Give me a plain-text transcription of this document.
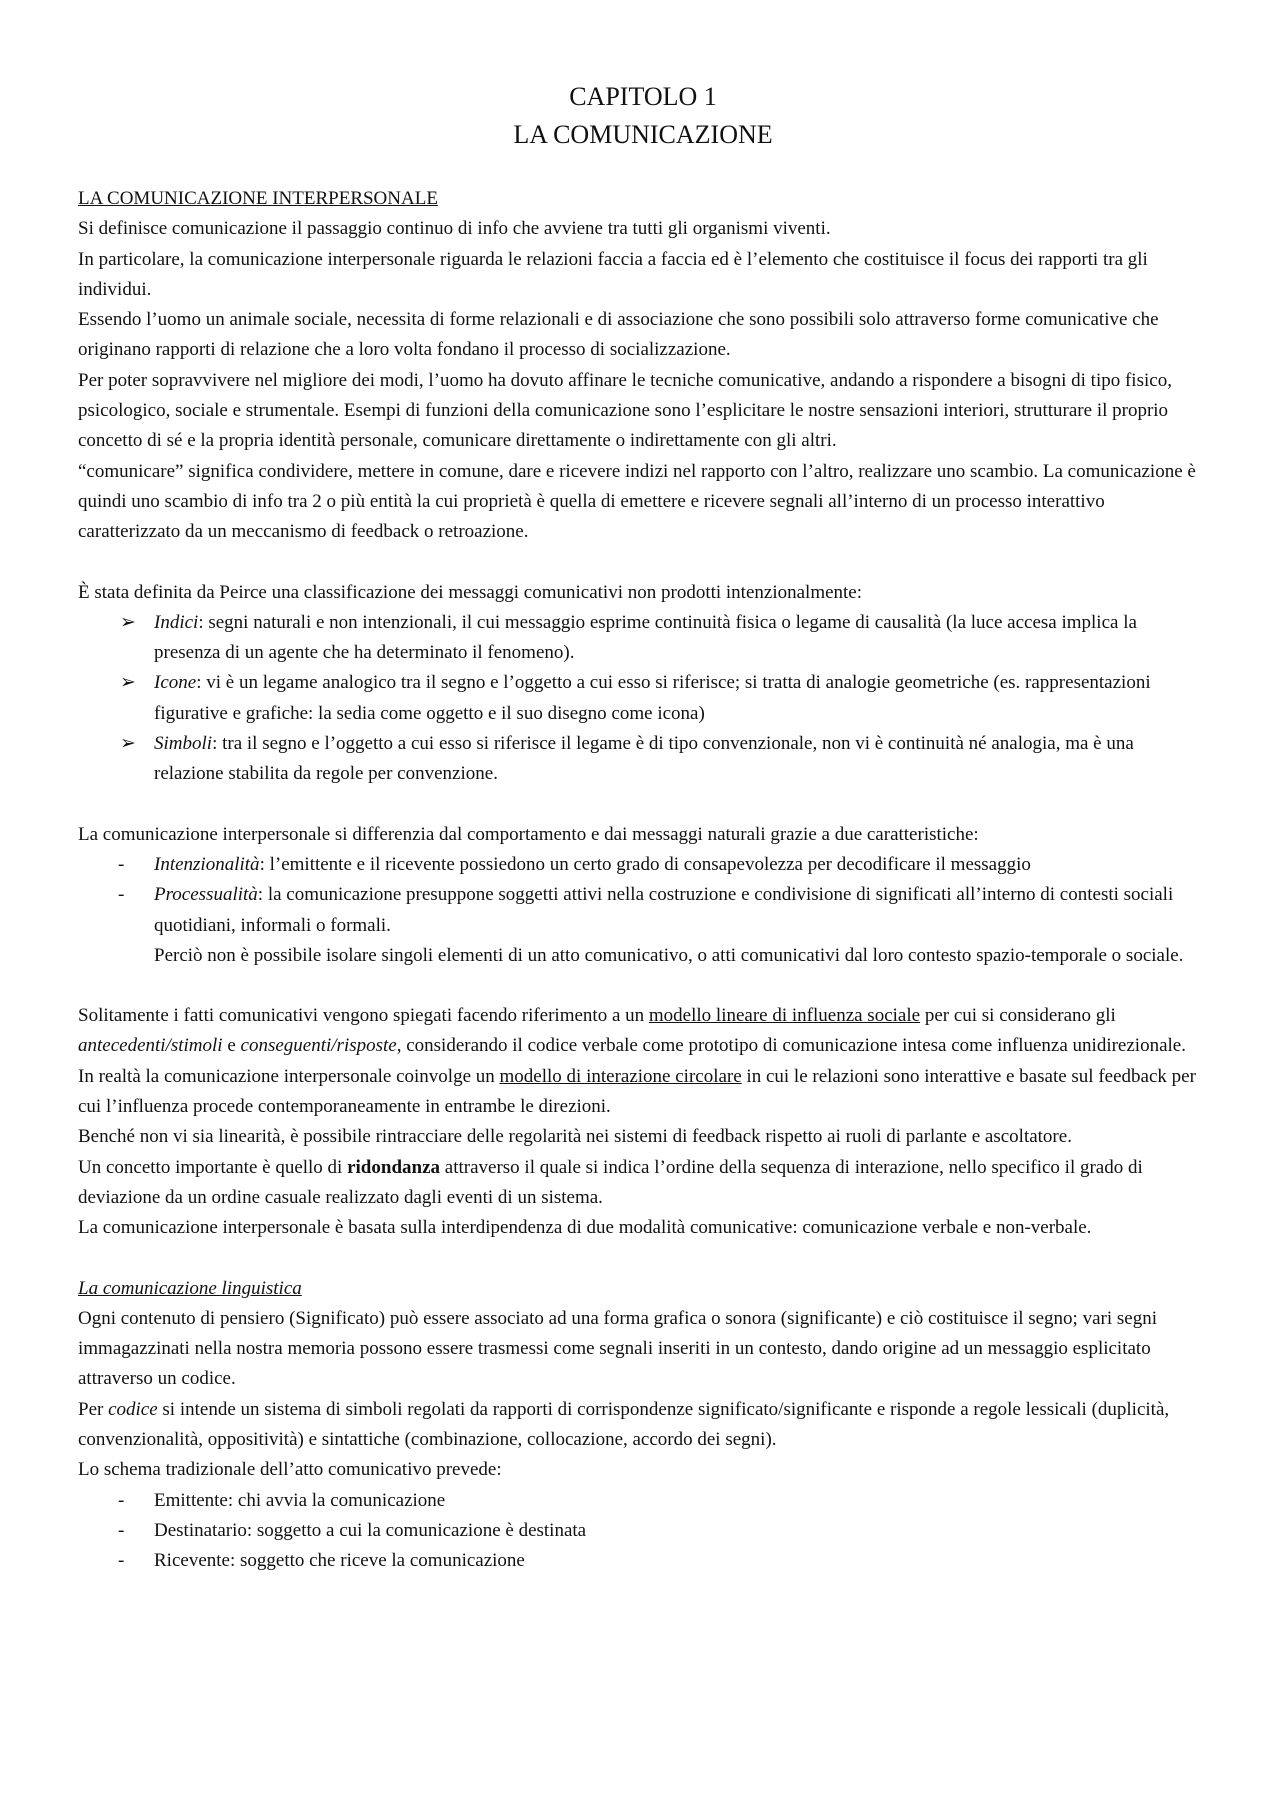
CAPITOLO 1
LA COMUNICAZIONE

LA COMUNICAZIONE INTERPERSONALE

Si definisce comunicazione il passaggio continuo di info che avviene tra tutti gli organismi viventi.

In particolare, la comunicazione interpersonale riguarda le relazioni faccia a faccia ed è l’elemento che costituisce il focus dei rapporti tra gli individui.

Essendo l’uomo un animale sociale, necessita di forme relazionali e di associazione che sono possibili solo attraverso forme comunicative che originano rapporti di relazione che a loro volta fondano il processo di socializzazione.

Per poter sopravvivere nel migliore dei modi, l’uomo ha dovuto affinare le tecniche comunicative, andando a rispondere a bisogni di tipo fisico, psicologico, sociale e strumentale. Esempi di funzioni della comunicazione sono l’esplicitare le nostre sensazioni interiori, strutturare il proprio concetto di sé e la propria identità personale, comunicare direttamente o indirettamente con gli altri.

“comunicare” significa condividere, mettere in comune, dare e ricevere indizi nel rapporto con l’altro, realizzare uno scambio. La comunicazione è quindi uno scambio di info tra 2 o più entità la cui proprietà è quella di emettere e ricevere segnali all’interno di un processo interattivo caratterizzato da un meccanismo di feedback o retroazione.

È stata definita da Peirce una classificazione dei messaggi comunicativi non prodotti intenzionalmente:

➢ Indici: segni naturali e non intenzionali, il cui messaggio esprime continuità fisica o legame di causalità (la luce accesa implica la presenza di un agente che ha determinato il fenomeno).
➢ Icone: vi è un legame analogico tra il segno e l’oggetto a cui esso si riferisce; si tratta di analogie geometriche (es. rappresentazioni figurative e grafiche: la sedia come oggetto e il suo disegno come icona)
➢ Simboli: tra il segno e l’oggetto a cui esso si riferisce il legame è di tipo convenzionale, non vi è continuità né analogia, ma è una relazione stabilita da regole per convenzione.

La comunicazione interpersonale si differenzia dal comportamento e dai messaggi naturali grazie a due caratteristiche:

- Intenzionalità: l’emittente e il ricevente possiedono un certo grado di consapevolezza per decodificare il messaggio
- Processualità: la comunicazione presuppone soggetti attivi nella costruzione e condivisione di significati all’interno di contesti sociali quotidiani, informali o formali.

Perciò non è possibile isolare singoli elementi di un atto comunicativo, o atti comunicativi dal loro contesto spazio-temporale o sociale.

Solitamente i fatti comunicativi vengono spiegati facendo riferimento a un modello lineare di influenza sociale per cui si considerano gli antecedenti/stimoli e conseguenti/risposte, considerando il codice verbale come prototipo di comunicazione intesa come influenza unidirezionale.

In realtà la comunicazione interpersonale coinvolge un modello di interazione circolare in cui le relazioni sono interattive e basate sul feedback per cui l’influenza procede contemporaneamente in entrambe le direzioni.

Benché non vi sia linearità, è possibile rintracciare delle regolarità nei sistemi di feedback rispetto ai ruoli di parlante e ascoltatore.

Un concetto importante è quello di ridondanza attraverso il quale si indica l’ordine della sequenza di interazione, nello specifico il grado di deviazione da un ordine casuale realizzato dagli eventi di un sistema.

La comunicazione interpersonale è basata sulla interdipendenza di due modalità comunicative: comunicazione verbale e non-verbale.

La comunicazione linguistica

Ogni contenuto di pensiero (Significato) può essere associato ad una forma grafica o sonora (significante) e ciò costituisce il segno; vari segni immagazzinati nella nostra memoria possono essere trasmessi come segnali inseriti in un contesto, dando origine ad un messaggio esplicitato attraverso un codice.

Per codice si intende un sistema di simboli regolati da rapporti di corrispondenze significato/significante e risponde a regole lessicali (duplicità, convenzionalità, oppositività) e sintattiche (combinazione, collocazione, accordo dei segni).

Lo schema tradizionale dell’atto comunicativo prevede:

- Emittente: chi avvia la comunicazione
- Destinatario: soggetto a cui la comunicazione è destinata
- Ricevente: soggetto che riceve la comunicazione
